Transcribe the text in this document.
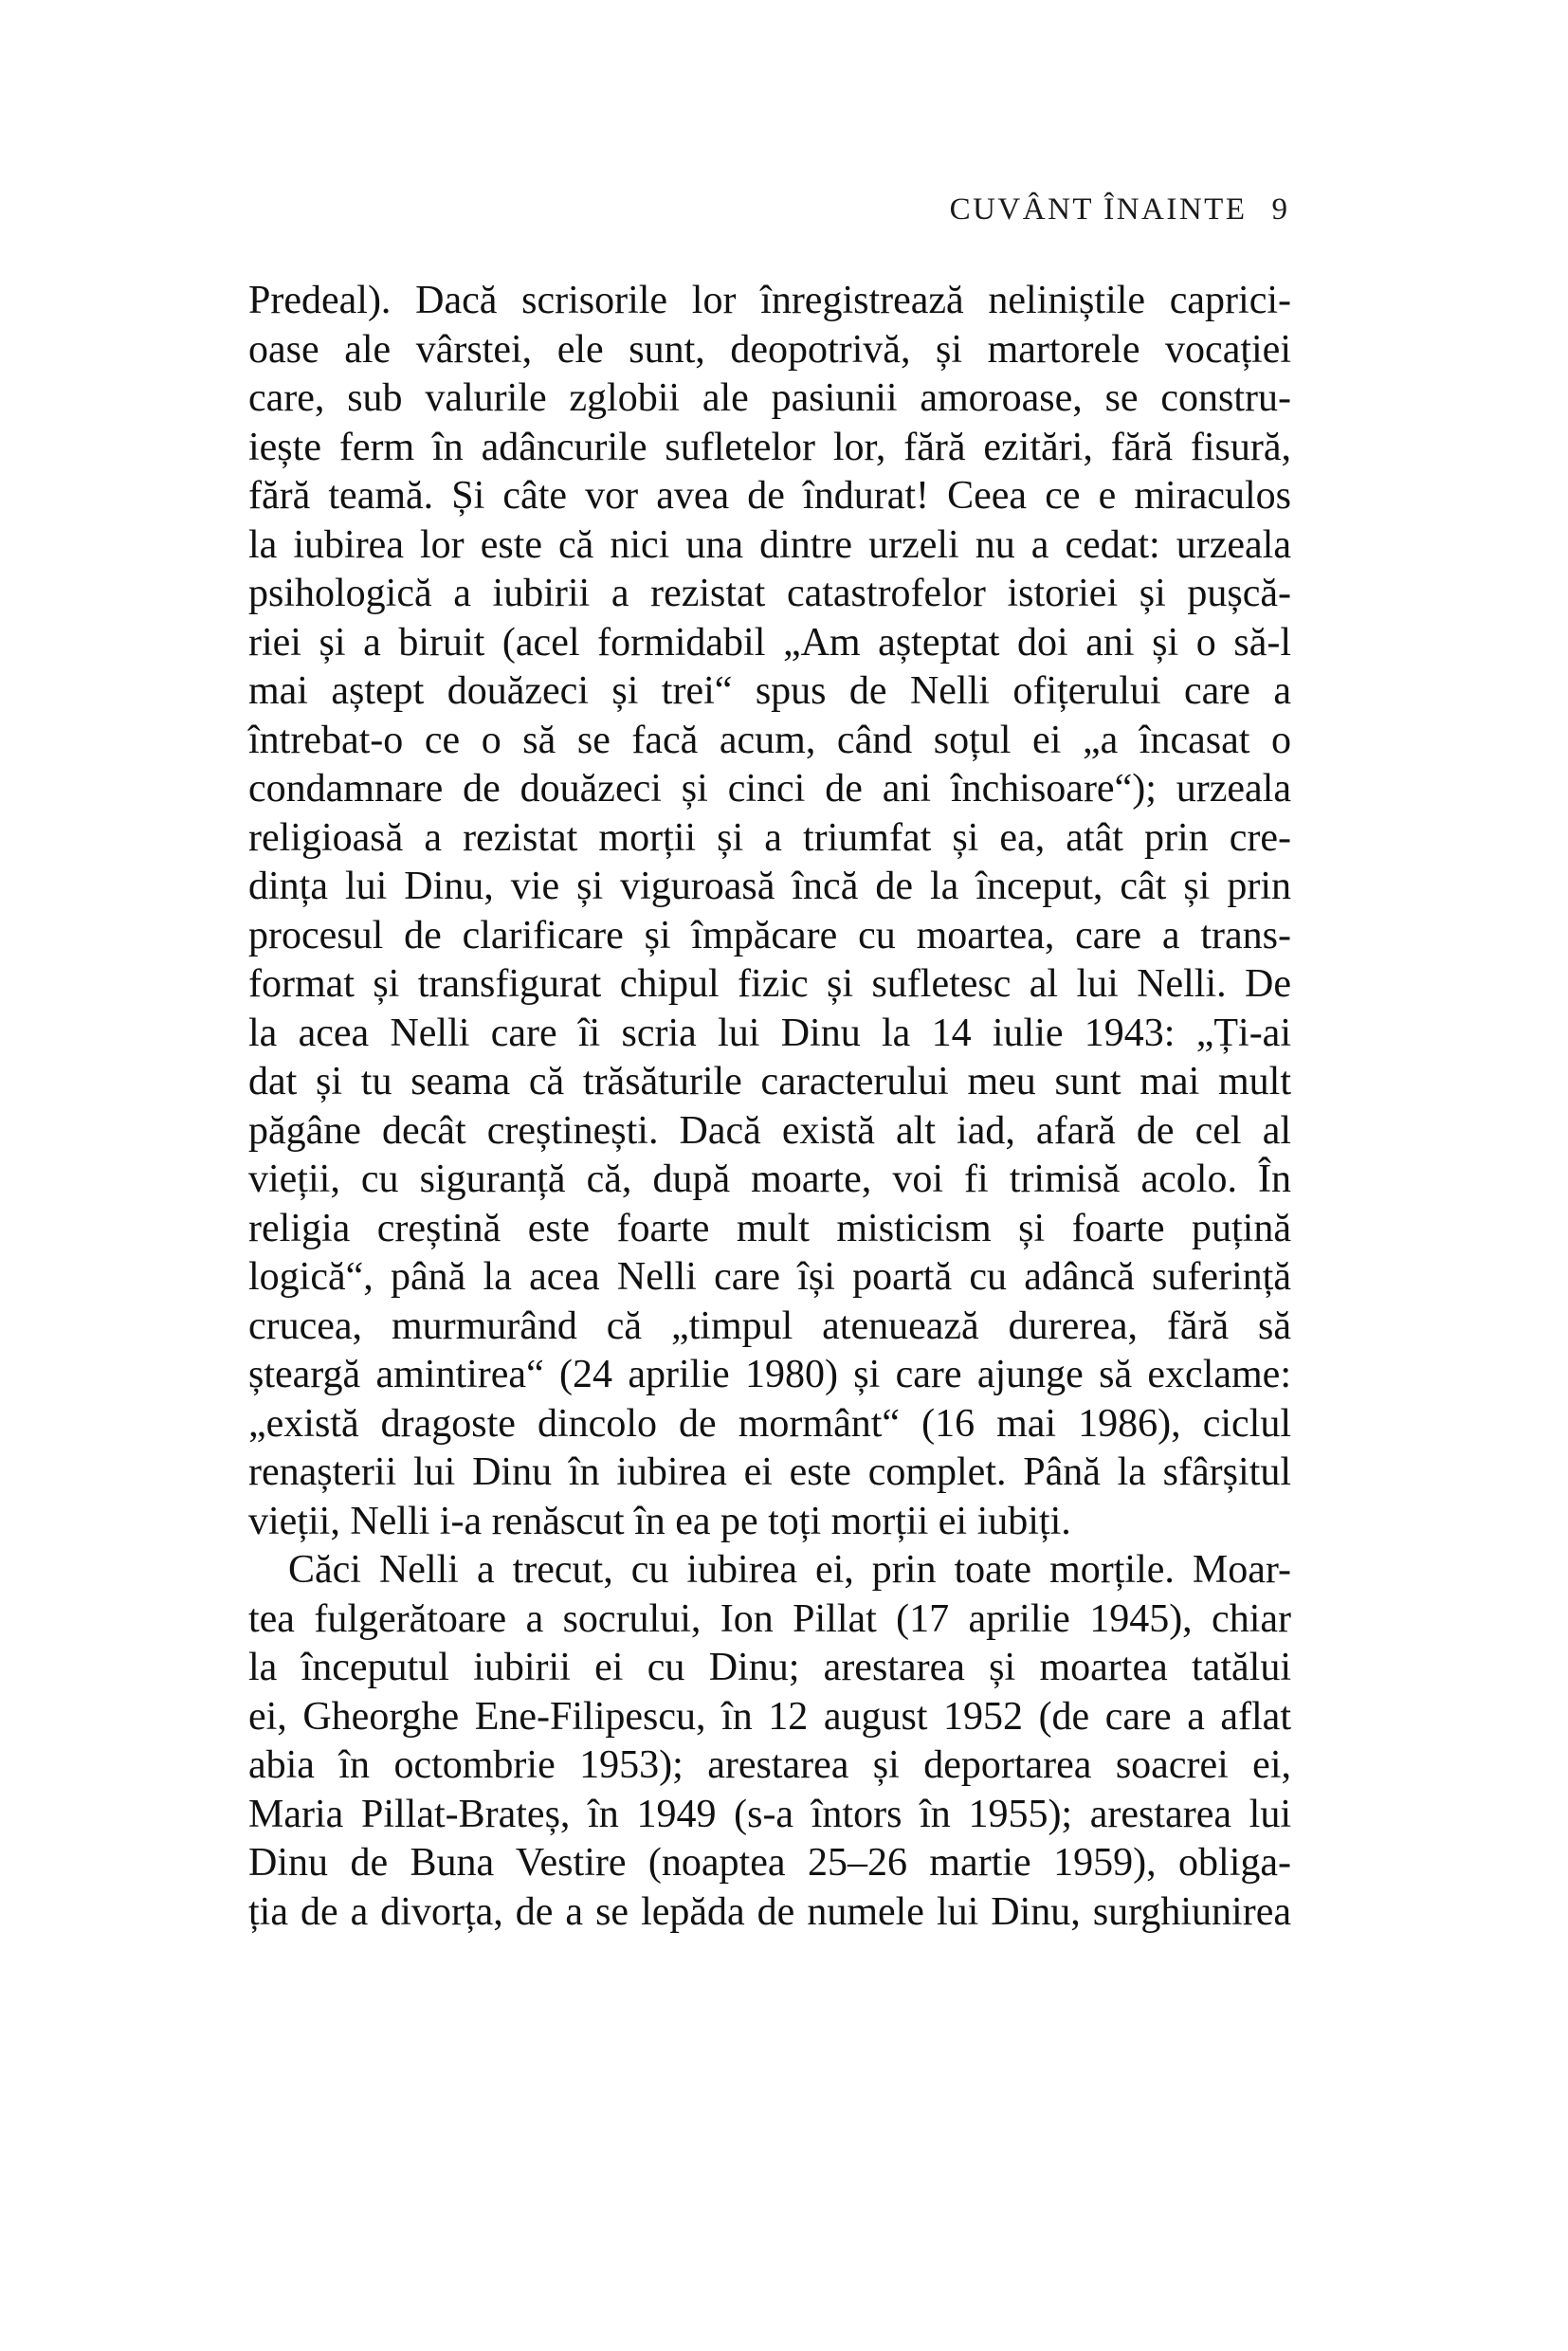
CUVÂNT ÎNAINTE 9
Predeal). Dacă scrisorile lor înregistrează neliniștile caprici-
oase ale vârstei, ele sunt, deopotrivă, și martorele vocației
care, sub valurile zglobii ale pasiunii amoroase, se constru-
iește ferm în adâncurile sufletelor lor, fără ezitări, fără fisură,
fără teamă. Și câte vor avea de îndurat! Ceea ce e miraculos
la iubirea lor este că nici una dintre urzeli nu a cedat: urzeala
psihologică a iubirii a rezistat catastrofelor istoriei și pușcă-
riei și a biruit (acel formidabil „Am așteptat doi ani și o să-l
mai aștept douăzeci și trei“ spus de Nelli ofițerului care a
întrebat-o ce o să se facă acum, când soțul ei „a încasat o
condamnare de douăzeci și cinci de ani închisoare“); urzeala
religioasă a rezistat morții și a triumfat și ea, atât prin cre-
dința lui Dinu, vie și viguroasă încă de la început, cât și prin
procesul de clarificare și împăcare cu moartea, care a trans-
format și transfigurat chipul fizic și sufletesc al lui Nelli. De
la acea Nelli care îi scria lui Dinu la 14 iulie 1943: „Ți-ai
dat și tu seama că trăsăturile caracterului meu sunt mai mult
păgâne decât creștinești. Dacă există alt iad, afară de cel al
vieții, cu siguranță că, după moarte, voi fi trimisă acolo. În
religia creștină este foarte mult misticism și foarte puțină
logică“, până la acea Nelli care își poartă cu adâncă suferință
crucea, murmurând că „timpul atenuează durerea, fără să
șteargă amintirea“ (24 aprilie 1980) și care ajunge să exclame:
„există dragoste dincolo de mormânt“ (16 mai 1986), ciclul
renașterii lui Dinu în iubirea ei este complet. Până la sfârșitul
vieții, Nelli i-a renăscut în ea pe toți morții ei iubiți.
Căci Nelli a trecut, cu iubirea ei, prin toate morțile. Moar-
tea fulgerătoare a socrului, Ion Pillat (17 aprilie 1945), chiar
la începutul iubirii ei cu Dinu; arestarea și moartea tatălui
ei, Gheorghe Ene-Filipescu, în 12 august 1952 (de care a aflat
abia în octombrie 1953); arestarea și deportarea soacrei ei,
Maria Pillat-Brateș, în 1949 (s-a întors în 1955); arestarea lui
Dinu de Buna Vestire (noaptea 25–26 martie 1959), obliga-
ția de a divorța, de a se lepăda de numele lui Dinu, surghiunirea
